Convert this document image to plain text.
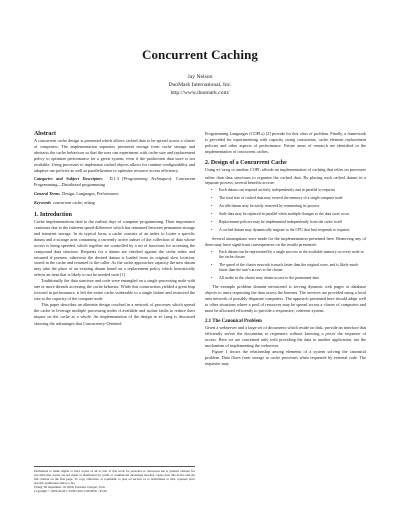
Concurrent Caching
Jay Nelson
DuoMark International, Inc.
http://www.duomark.com/
Abstract

A concurrent cache design is presented which allows cached data to be spread across a cluster of computers. The implementation separates persistent storage from cache storage and abstracts the cache behaviour so that the user can experiment with cache size and replacement policy to optimize performance for a given system, even if the production data store is not available. Using processes to implement cached objects allows for runtime configurability and adaptive use policies as well as parallelization to optimize resource access efficiency.

Categories and Subject Descriptors D.1.3 [Programming Techniques]: Concurrent Programming—Distributed programming

General Terms Design, Languages, Performance

Keywords concurrent cache, erlang

1. Introduction

Cache implementations date to the earliest days of computer programming. Their importance continues due to the inherent speed difference which has remained between permanent storage and transient storage. In its typical form, a cache consists of an index to locate a specific datum and a storage area containing a currently active subset of the collection of data whose access is being speeded, which together are controlled by a set of functions for accessing the compound data structure. Requests for a datum are checked against the cache index and returned if present, otherwise the desired datum is loaded from its original slow location, stored in the cache and returned to the caller. As the cache approaches capacity the new datum may take the place of an existing datum based on a replacement policy which heuristically selects an item that is likely to not be needed soon [1].

Traditionally the data structure and code were entangled on a single processing node with one or more threads accessing the cache behavior. While this construction yielded a great leap forward in performance, it left the entire cache vulnerable to a single failure and restricted the size to the capacity of the compute node.

This paper describes an alternate design couched in a network of processes which spread the cache to leverage multiple processing nodes if available and isolate faults to reduce their impact on the cache as a whole. An implementation of the design in erlang is discussed showing the advantages that Concurrency-Oriented

Permission to make digital or hard copies of all or part of this work for personal or classroom use is granted without fee provided that copies are not made or distributed for profit or commercial advantage and that copies bear this notice and the full citation on the first page. To copy otherwise, to republish, to post on servers or to redistribute to lists, requires prior specific permission and/or a fee.

Erlang '06 September 16, 2006, Portland, Oregon, USA

Copyright © 2006 ACM 1-59593-490-1/06/0009... $5.00

Programming Languages (COPLs) [2] provide for this class of problem. Finally, a framework is provided for experimenting with capacity sizing constraints, cache element replacement policies and other aspects of performance. Future areas of research are identified in the implementation of concurrent caches.

2. Design of a Concurrent Cache

Using erlang or another COPL affords an implementation of caching that relies on processes rather than data structures to organize the cached data. By placing each cached datum in a separate process, several benefits accrue:

• Each datum can respond actively, independently and in parallel to requests
• The total size of cached data may exceed the memory of a single compute node
• An idle datum may be easily removed by terminating its process
• Stale data may be replaced in parallel when multiple changes to the data store occur
• Replacement policies may be implemented independently from the cache itself
• A cached datum may dynamically migrate to the CPU that best responds to requests

Several assumptions were made for the implementation presented here. Removing any of them may have significant consequences on the results presented:

• Each datum can be represented by a single process in the available memory on every node in the cache cluster
• The speed of the cluster network is much faster than the original store, and is likely much faster than the user's access to the cluster
• All nodes in the cluster may obtain access to the permanent data

The example problem domain envisioned is serving dynamic web pages or database objects to users requesting the data across the Internet. The services are provided using a local area network of possibly disparate computers. The approach presented here should adapt well to other situations where a pool of resources may be spread across a cluster of computers and must be allocated efficiently to provide a responsive, coherent system.

2.1 The Canonical Problem

Given a webserver and a large set of documents which reside on disk, provide an interface that efficiently serves the documents to requesters without knowing a priori the sequence of access. Here we are concerned only with providing the data to another application, not the mechanism of implementing the webserver.

Figure 1 shows the relationship among elements of a system solving the canonical problem. Data flows from storage to cache processes when requested by external code. The requester may
